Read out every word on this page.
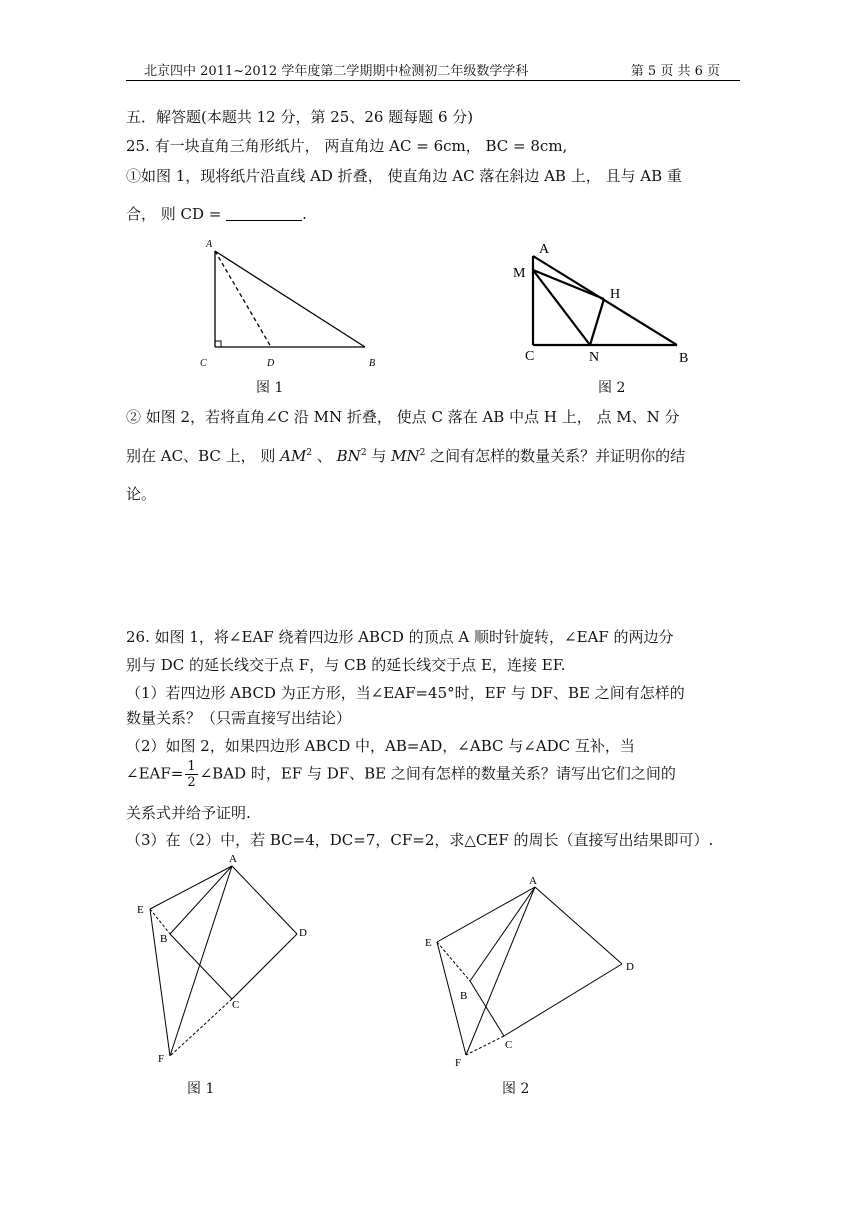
北京四中 2011~2012 学年度第二学期期中检测初二年级数学学科	第 5 页 共 6 页
五．解答题(本题共 12 分，第 25、26 题每题 6 分)
25. 有一块直角三角形纸片， 两直角边 AC = 6cm， BC = 8cm,
①如图 1，现将纸片沿直线 AD 折叠， 使直角边 AC 落在斜边 AB 上， 且与 AB 重
合， 则 CD =	.
A
C	D	B
图 1
A
M
H
C	N	B
图 2
② 如图 2，若将直角∠C 沿 MN 折叠， 使点 C 落在 AB 中点 H 上， 点 M、N 分
别在 AC、BC 上， 则 $AM^2$ 、 $BN^2$ 与 $MN^2$ 之间有怎样的数量关系？并证明你的结
论。
26. 如图 1，将∠EAF 绕着四边形 ABCD 的顶点 A 顺时针旋转，∠EAF 的两边分
别与 DC 的延长线交于点 F，与 CB 的延长线交于点 E，连接 EF.
（1）若四边形 ABCD 为正方形，当∠EAF=45°时，EF 与 DF、BE 之间有怎样的
数量关系？（只需直接写出结论）
（2）如图 2，如果四边形 ABCD 中，AB=AD，∠ABC 与∠ADC 互补，当
∠EAF= $\frac{1}{2}$ ∠BAD 时，EF 与 DF、BE 之间有怎样的数量关系？请写出它们之间的
关系式并给予证明.
（3）在（2）中，若 BC=4，DC=7，CF=2，求△CEF 的周长（直接写出结果即可）.
A
E
B	D
C
F
图 1
A
E
B
D
C
F
图 2
